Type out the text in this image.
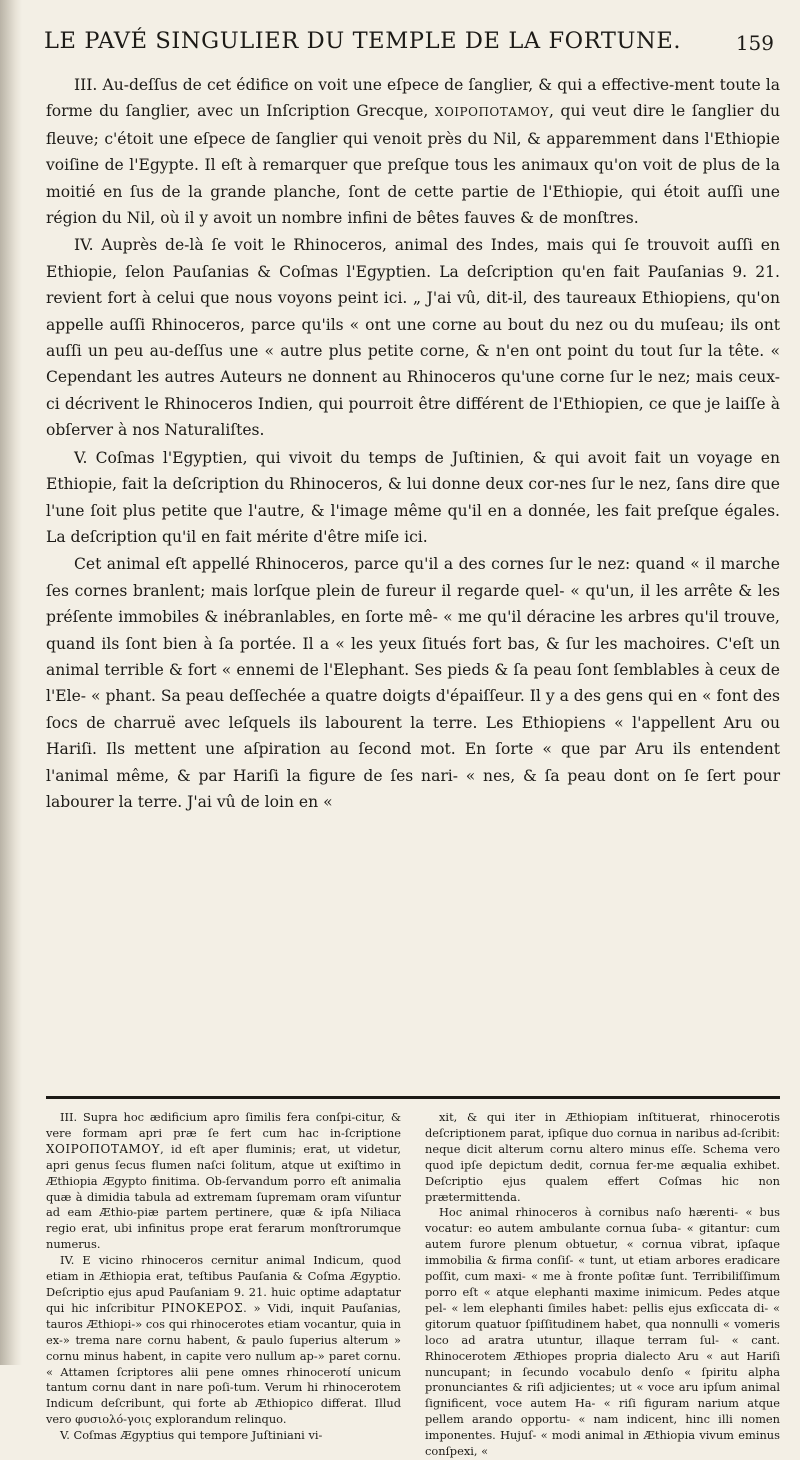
LE PAVÉ SINGULIER DU TEMPLE DE LA FORTUNE.	159

III. Au-deſſus de cet édifice on voit une eſpece de ſanglier, & qui a effective-ment toute la forme du ſanglier, avec un Inſcription Grecque, ΧΟΙΡΟΠΟΤΑΜΟΥ, qui veut dire le ſanglier du fleuve; c'étoit une eſpece de ſanglier qui venoit près du Nil, & apparemment dans l'Ethiopie voiſine de l'Egypte. Il eſt à remarquer que preſque tous les animaux qu'on voit de plus de la moitié en ſus de la grande planche, ſont de cette partie de l'Ethiopie, qui étoit auſſi une région du Nil, où il y avoit un nombre infini de bêtes fauves & de monſtres.

IV. Auprès de-là ſe voit le Rhinoceros, animal des Indes, mais qui ſe trouvoit auſſi en Ethiopie, ſelon Pauſanias & Coſmas l'Egyptien. La deſcription qu'en fait Pauſanias 9. 21. revient fort à celui que nous voyons peint ici. „ J'ai vû, dit-il, des taureaux Ethiopiens, qu'on appelle auſſi Rhinoceros, parce qu'ils « ont une corne au bout du nez ou du muſeau; ils ont auſſi un peu au-deſſus une « autre plus petite corne, & n'en ont point du tout ſur la tête. « Cependant les autres Auteurs ne donnent au Rhinoceros qu'une corne ſur le nez; mais ceux-ci décrivent le Rhinoceros Indien, qui pourroit être différent de l'Ethiopien, ce que je laiſſe à obſerver à nos Naturaliſtes.

V. Coſmas l'Egyptien, qui vivoit du temps de Juſtinien, & qui avoit fait un voyage en Ethiopie, fait la deſcription du Rhinoceros, & lui donne deux cor-nes ſur le nez, ſans dire que l'une ſoit plus petite que l'autre, & l'image même qu'il en a donnée, les fait preſque égales. La deſcription qu'il en fait mérite d'être miſe ici.

Cet animal eſt appellé Rhinoceros, parce qu'il a des cornes ſur le nez: quand « il marche ſes cornes branlent; mais lorſque plein de fureur il regarde quel- « qu'un, il les arrête & les préſente immobiles & inébranlables, en ſorte mê- « me qu'il déracine les arbres qu'il trouve, quand ils ſont bien à ſa portée. Il a « les yeux ſitués fort bas, & ſur les machoires. C'eſt un animal terrible & fort « ennemi de l'Elephant. Ses pieds & ſa peau ſont ſemblables à ceux de l'Ele- « phant. Sa peau deſſechée a quatre doigts d'épaiſſeur. Il y a des gens qui en « font des ſocs de charruë avec leſquels ils labourent la terre. Les Ethiopiens « l'appellent Aru ou Hariſi. Ils mettent une aſpiration au ſecond mot. En ſorte « que par Aru ils entendent l'animal même, & par Hariſi la figure de ſes nari- « nes, & ſa peau dont on ſe ſert pour labourer la terre. J'ai vû de loin en «

III. Supra hoc ædificium apro ſimilis fera conſpi-citur, & vere formam apri præ ſe fert cum hac in-ſcriptione ΧΟΙΡΟΠΟΤΑΜΟΥ, id eſt aper fluminis; erat, ut videtur, apri genus ſecus flumen naſci ſolitum, atque ut exiſtimo in Æthiopia Ægypto finitima. Ob-ſervandum porro eſt animalia quæ à dimidia tabula ad extremam ſupremam oram viſuntur ad eam Æthio-piæ partem pertinere, quæ & ipſa Niliaca regio erat, ubi infinitus prope erat ferarum monſtrorumque numerus.

IV. E vicino rhinoceros cernitur animal Indicum, quod etiam in Æthiopia erat, teſtibus Pauſania & Coſma Ægyptio. Deſcriptio ejus apud Pauſaniam 9. 21. huic optime adaptatur qui hic inſcribitur ΡΙΝΟΚΕΡΟΣ. » Vidi, inquit Pauſanias, tauros Æthiopi-» cos qui rhinocerotes etiam vocantur, quia in ex-» trema nare cornu habent, & paulo ſuperius alterum » cornu minus habent, in capite vero nullum ap-» paret cornu. « Attamen ſcriptores alii pene omnes rhinocerotí unicum tantum cornu dant in nare poſi-tum. Verum hi rhinocerotem Indicum deſcribunt, qui forte ab Æthiopico differat. Illud vero φυσιολό-γοις explorandum relinquo.

V. Coſmas Ægyptius qui tempore Juſtiniani vi-

xit, & qui iter in Æthiopiam inſtituerat, rhinocerotis deſcriptionem parat, ipſique duo cornua in naribus ad-ſcribit: neque dicit alterum cornu altero minus eſſe. Schema vero quod ipſe depictum dedit, cornua fer-me æqualia exhibet. Deſcriptio ejus qualem effert Coſmas hic non prætermittenda.

Hoc animal rhinoceros à cornibus naſo hærenti- « bus vocatur: eo autem ambulante cornua ſuba- « gitantur: cum autem furore plenum obtuetur, « cornua vibrat, ipſaque immobilia & firma conſiſ- « tunt, ut etiam arbores eradicare poſſit, cum maxi- « me à fronte poſitæ ſunt. Terribiliſſimum porro eſt « atque elephanti maxime inimicum. Pedes atque pel- « lem elephanti ſimiles habet: pellis ejus exſiccata di- « gitorum quatuor ſpiſſitudinem habet, qua nonnulli « vomeris loco ad aratra utuntur, illaque terram ſul- « cant. Rhinocerotem Æthiopes propria dialecto Aru « aut Hariſi nuncupant; in ſecundo vocabulo denſo « ſpiritu alpha pronunciantes & riſi adjicientes; ut « voce aru ipſum animal ſignificent, voce autem Ha- « riſi figuram narium atque pellem arando opportu- « nam indicent, hinc illi nomen imponentes. Hujuſ- « modi animal in Æthiopia vivum eminus conſpexi, «
